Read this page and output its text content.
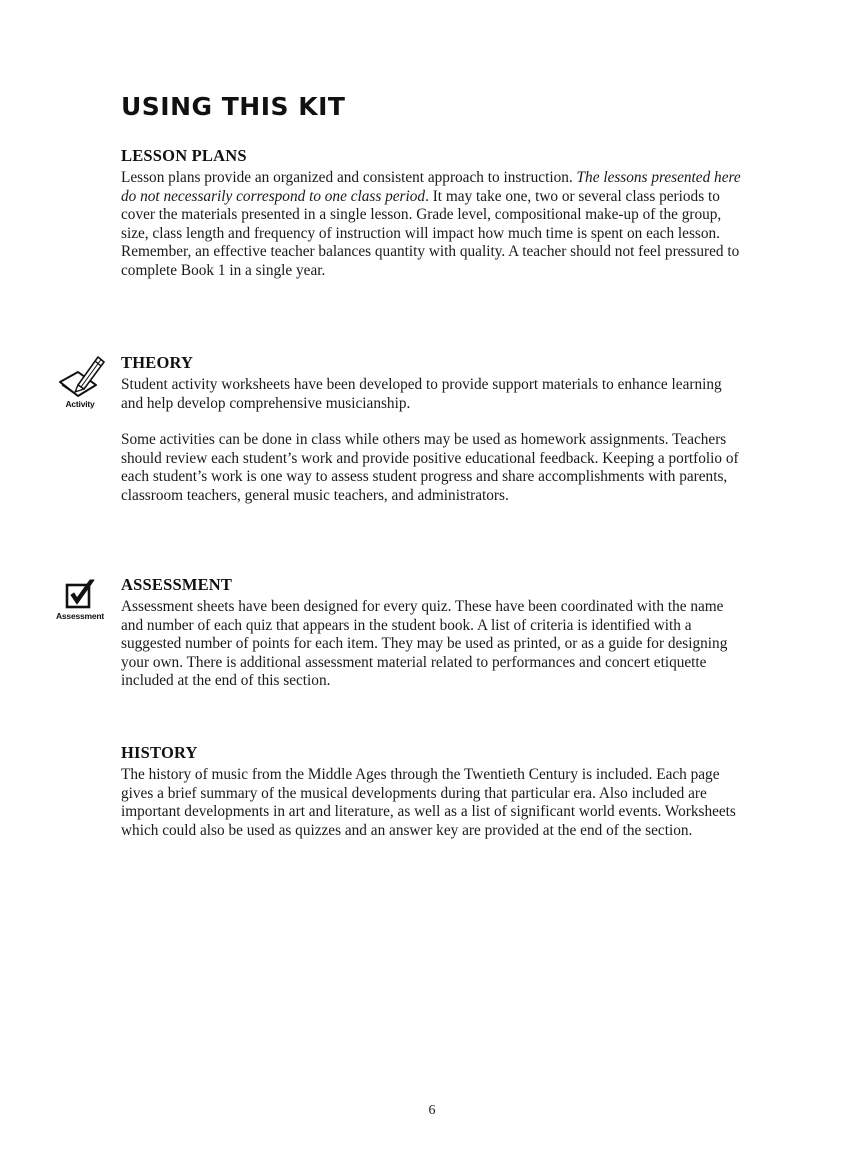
USING THIS KIT
LESSON PLANS

Lesson plans provide an organized and consistent approach to instruction. The lessons presented here do not necessarily correspond to one class period. It may take one, two or several class periods to cover the materials presented in a single lesson. Grade level, compositional make-up of the group, size, class length and frequency of instruction will impact how much time is spent on each lesson. Remember, an effective teacher balances quantity with quality. A teacher should not feel pressured to complete Book 1 in a single year.

Activity
THEORY

Student activity worksheets have been developed to provide support materials to enhance learning and help develop comprehensive musicianship.

Some activities can be done in class while others may be used as homework assignments. Teachers should review each student’s work and provide positive educational feedback. Keeping a portfolio of each student’s work is one way to assess student progress and share accomplishments with parents, classroom teachers, general music teachers, and administrators.

Assessment
ASSESSMENT

Assessment sheets have been designed for every quiz. These have been coordinated with the name and number of each quiz that appears in the student book. A list of criteria is identified with a suggested number of points for each item. They may be used as printed, or as a guide for designing your own. There is additional assessment material related to performances and concert etiquette included at the end of this section.

HISTORY

The history of music from the Middle Ages through the Twentieth Century is included. Each page gives a brief summary of the musical developments during that particular era. Also included are important developments in art and literature, as well as a list of significant world events. Worksheets which could also be used as quizzes and an answer key are provided at the end of the section.

6
